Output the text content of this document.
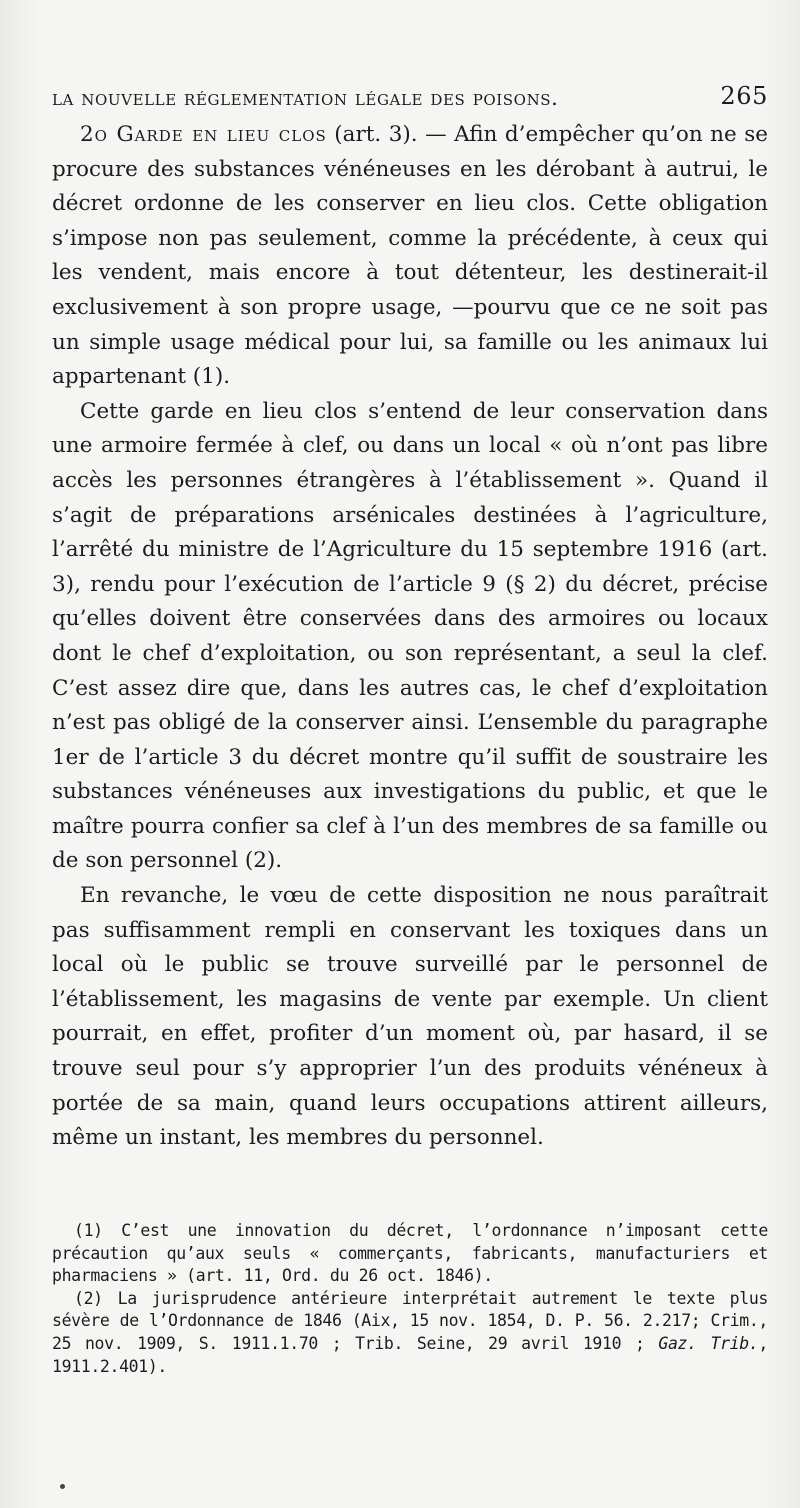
la nouvelle réglementation légale des poisons.	265

2o Garde en lieu clos (art. 3). — Afin d’empêcher qu’on ne se procure des substances vénéneuses en les dérobant à autrui, le décret ordonne de les conserver en lieu clos. Cette obligation s’impose non pas seulement, comme la précédente, à ceux qui les vendent, mais encore à tout détenteur, les destinerait-il exclusivement à son propre usage, —pourvu que ce ne soit pas un simple usage médical pour lui, sa famille ou les animaux lui appartenant (1).

Cette garde en lieu clos s’entend de leur conservation dans une armoire fermée à clef, ou dans un local « où n’ont pas libre accès les personnes étrangères à l’établissement ». Quand il s’agit de préparations arsénicales destinées à l’agriculture, l’arrêté du ministre de l’Agriculture du 15 septembre 1916 (art. 3), rendu pour l’exécution de l’article 9 (§ 2) du décret, précise qu’elles doivent être conservées dans des armoires ou locaux dont le chef d’exploitation, ou son représentant, a seul la clef. C’est assez dire que, dans les autres cas, le chef d’exploitation n’est pas obligé de la conserver ainsi. L’ensemble du paragraphe 1er de l’article 3 du décret montre qu’il suffit de soustraire les substances vénéneuses aux investigations du public, et que le maître pourra confier sa clef à l’un des membres de sa famille ou de son personnel (2).

En revanche, le vœu de cette disposition ne nous paraîtrait pas suffisamment rempli en conservant les toxiques dans un local où le public se trouve surveillé par le personnel de l’établissement, les magasins de vente par exemple. Un client pourrait, en effet, profiter d’un moment où, par hasard, il se trouve seul pour s’y approprier l’un des produits vénéneux à portée de sa main, quand leurs occupations attirent ailleurs, même un instant, les membres du personnel.

(1) C’est une innovation du décret, l’ordonnance n’imposant cette précaution qu’aux seuls « commerçants, fabricants, manufacturiers et pharmaciens » (art. 11, Ord. du 26 oct. 1846).

(2) La jurisprudence antérieure interprétait autrement le texte plus sévère de l’Ordonnance de 1846 (Aix, 15 nov. 1854, D. P. 56. 2.217; Crim., 25 nov. 1909, S. 1911.1.70 ; Trib. Seine, 29 avril 1910 ; Gaz. Trib., 1911.2.401).
